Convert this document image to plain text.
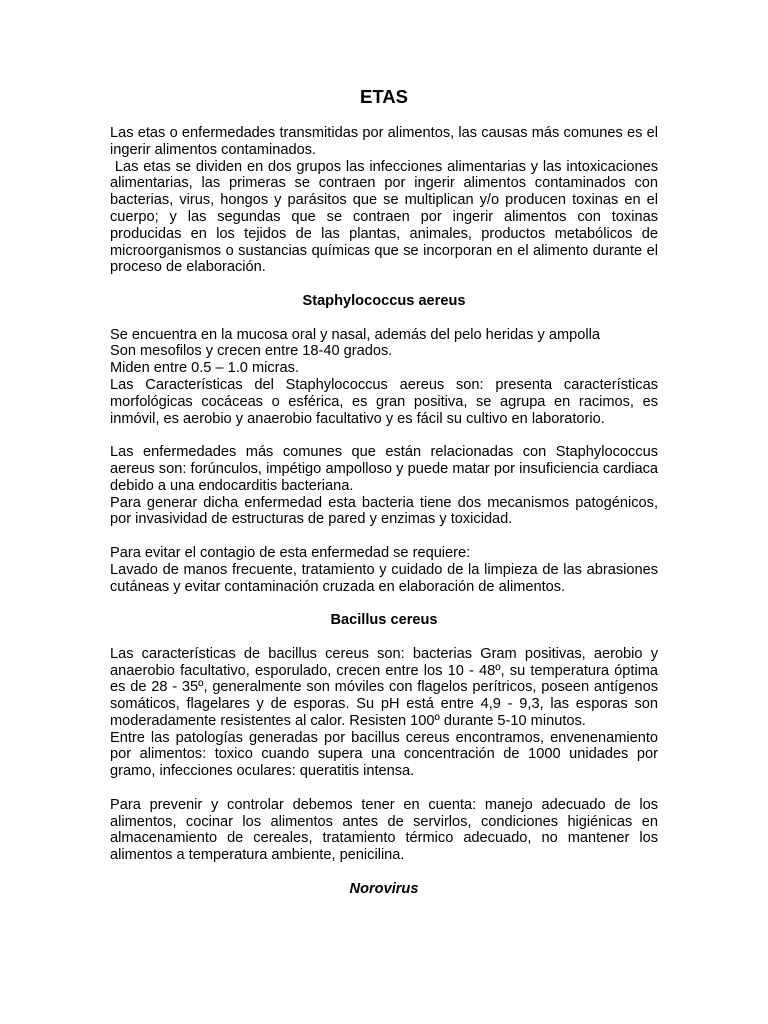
ETAS

Las etas o enfermedades transmitidas por alimentos, las causas más comunes es el ingerir alimentos contaminados.

Las etas se dividen en dos grupos las infecciones alimentarias y las intoxicaciones alimentarias, las primeras se contraen por ingerir alimentos contaminados con bacterias, virus, hongos y parásitos que se multiplican y/o producen toxinas en el cuerpo; y las segundas que se contraen por ingerir alimentos con toxinas producidas en los tejidos de las plantas, animales, productos metabólicos de microorganismos o sustancias químicas que se incorporan en el alimento durante el proceso de elaboración.

Staphylococcus aereus

Se encuentra en la mucosa oral y nasal, además del pelo heridas y ampolla

Son mesofilos y crecen entre 18-40 grados.

Miden entre 0.5 – 1.0 micras.

Las Características del Staphylococcus aereus son: presenta características morfológicas cocáceas o esférica, es gran positiva, se agrupa en racimos, es inmóvil, es aerobio y anaerobio facultativo y es fácil su cultivo en laboratorio.

Las enfermedades más comunes que están relacionadas con Staphylococcus aereus son: forúnculos, impétigo ampolloso y puede matar por insuficiencia cardiaca debido a una endocarditis bacteriana.

Para generar dicha enfermedad esta bacteria tiene dos mecanismos patogénicos, por invasividad de estructuras de pared y enzimas y toxicidad.

Para evitar el contagio de esta enfermedad se requiere:

Lavado de manos frecuente, tratamiento y cuidado de la limpieza de las abrasiones cutáneas y evitar contaminación cruzada en elaboración de alimentos.

Bacillus cereus

Las características de bacillus cereus son: bacterias Gram positivas, aerobio y anaerobio facultativo, esporulado, crecen entre los 10 - 48º, su temperatura óptima es de 28 - 35º, generalmente son móviles con flagelos perítricos, poseen antígenos somáticos, flagelares y de esporas. Su pH está entre 4,9 - 9,3, las esporas son moderadamente resistentes al calor. Resisten 100º durante 5-10 minutos.

Entre las patologías generadas por bacillus cereus encontramos, envenenamiento por alimentos: toxico cuando supera una concentración de 1000 unidades por gramo, infecciones oculares: queratitis intensa.

Para prevenir y controlar debemos tener en cuenta: manejo adecuado de los alimentos, cocinar los alimentos antes de servirlos, condiciones higiénicas en almacenamiento de cereales, tratamiento térmico adecuado, no mantener los alimentos a temperatura ambiente, penicilina.

Norovirus
